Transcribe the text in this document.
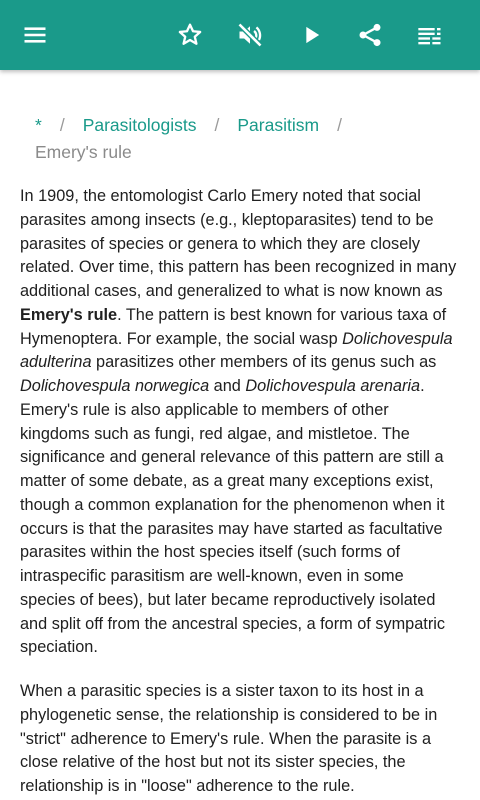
* / Parasitologists / Parasitism /
Emery's rule

In 1909, the entomologist Carlo Emery noted that social parasites among insects (e.g., kleptoparasites) tend to be parasites of species or genera to which they are closely related. Over time, this pattern has been recognized in many additional cases, and generalized to what is now known as Emery's rule. The pattern is best known for various taxa of Hymenoptera. For example, the social wasp Dolichovespula adulterina parasitizes other members of its genus such as Dolichovespula norwegica and Dolichovespula arenaria. Emery's rule is also applicable to members of other kingdoms such as fungi, red algae, and mistletoe. The significance and general relevance of this pattern are still a matter of some debate, as a great many exceptions exist, though a common explanation for the phenomenon when it occurs is that the parasites may have started as facultative parasites within the host species itself (such forms of intraspecific parasitism are well-known, even in some species of bees), but later became reproductively isolated and split off from the ancestral species, a form of sympatric speciation.

When a parasitic species is a sister taxon to its host in a phylogenetic sense, the relationship is considered to be in "strict" adherence to Emery's rule. When the parasite is a close relative of the host but not its sister species, the relationship is in "loose" adherence to the rule.
